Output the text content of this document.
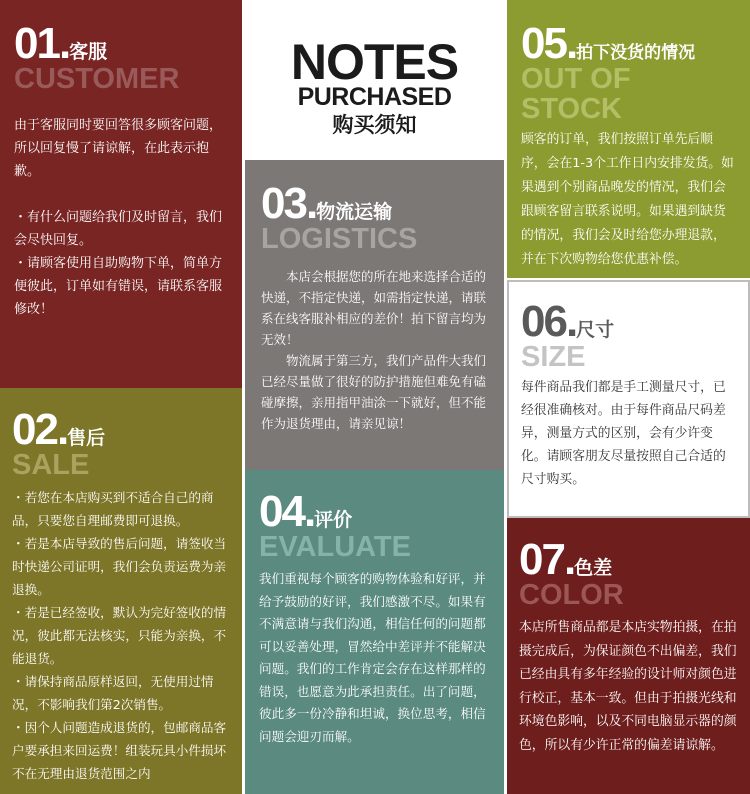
01.客服
CUSTOMER

由于客服同时要回答很多顾客问题，所以回复慢了请谅解，在此表示抱歉。

・有什么问题给我们及时留言，我们会尽快回复。

・请顾客使用自助购物下单，简单方便彼此，订单如有错误，请联系客服修改！

02.售后
SALE

・若您在本店购买到不适合自己的商品，只要您自理邮费即可退换。

・若是本店导致的售后问题，请签收当时快递公司证明，我们会负责运费为亲退换。

・若是已经签收，默认为完好签收的情况，彼此都无法核实，只能为亲换，不能退货。

・请保持商品原样返回，无使用过情况，不影响我们第2次销售。

・因个人问题造成退货的，包邮商品客户要承担来回运费！组装玩具小件损坏不在无理由退货范围之内

NOTES
PURCHASED
购买须知
03.物流运输
LOGISTICS

　　本店会根据您的所在地来选择合适的快递，不指定快递，如需指定快递，请联系在线客服补相应的差价！拍下留言均为无效！

　　物流属于第三方，我们产品件大我们已经尽量做了很好的防护措施但难免有磕碰摩擦，亲用指甲油涂一下就好，但不能作为退货理由，请亲见谅！

04.评价
EVALUATE

我们重视每个顾客的购物体验和好评，并给予鼓励的好评，我们感激不尽。如果有不满意请与我们沟通，相信任何的问题都可以妥善处理，冒然给中差评并不能解决问题。我们的工作肯定会存在这样那样的错误，也愿意为此承担责任。出了问题，彼此多一份冷静和坦诚，换位思考，相信问题会迎刃而解。

05.拍下没货的情况
OUT OF STOCK

顾客的订单，我们按照订单先后顺序，会在1-3个工作日内安排发货。如果遇到个别商品晚发的情况，我们会跟顾客留言联系说明。如果遇到缺货的情况，我们会及时给您办理退款，并在下次购物给您优惠补偿。

06.尺寸
SIZE

每件商品我们都是手工测量尺寸，已经很准确核对。由于每件商品尺码差异，测量方式的区别，会有少许变化。请顾客朋友尽量按照自己合适的尺寸购买。

07.色差
COLOR

本店所售商品都是本店实物拍摄，在拍摄完成后，为保证颜色不出偏差，我们已经由具有多年经验的设计师对颜色进行校正，基本一致。但由于拍摄光线和环境色影响，以及不同电脑显示器的颜色，所以有少许正常的偏差请谅解。
